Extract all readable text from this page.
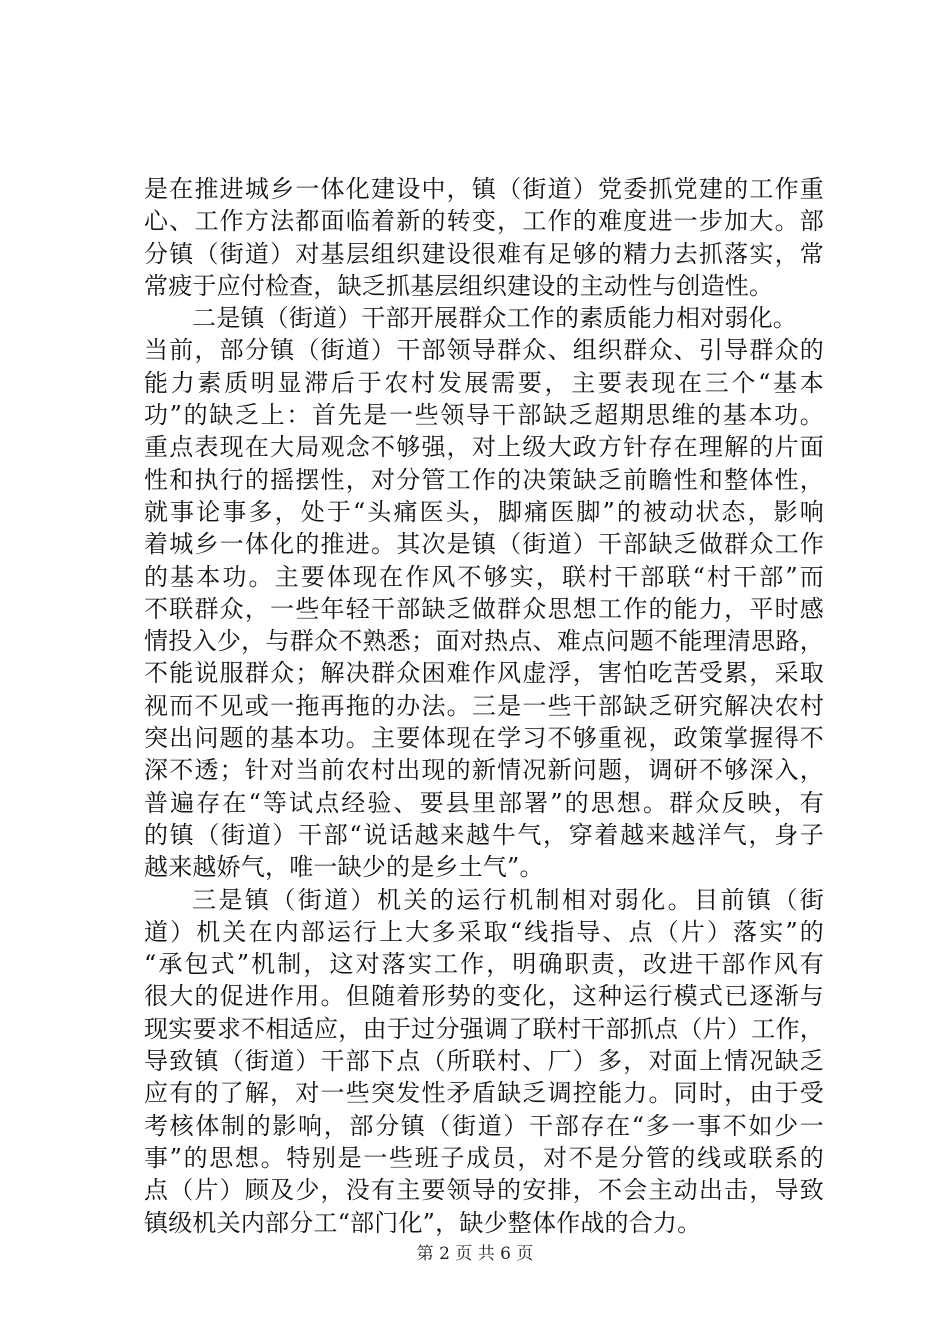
是在推进城乡一体化建设中，镇（街道）党委抓党建的工作重
心、工作方法都面临着新的转变，工作的难度进一步加大。部
分镇（街道）对基层组织建设很难有足够的精力去抓落实，常
常疲于应付检查，缺乏抓基层组织建设的主动性与创造性。
二是镇（街道）干部开展群众工作的素质能力相对弱化。
当前，部分镇（街道）干部领导群众、组织群众、引导群众的
能力素质明显滞后于农村发展需要，主要表现在三个“基本
功”的缺乏上：首先是一些领导干部缺乏超期思维的基本功。
重点表现在大局观念不够强，对上级大政方针存在理解的片面
性和执行的摇摆性，对分管工作的决策缺乏前瞻性和整体性，
就事论事多，处于“头痛医头，脚痛医脚”的被动状态，影响
着城乡一体化的推进。其次是镇（街道）干部缺乏做群众工作
的基本功。主要体现在作风不够实，联村干部联“村干部”而
不联群众，一些年轻干部缺乏做群众思想工作的能力，平时感
情投入少，与群众不熟悉；面对热点、难点问题不能理清思路，
不能说服群众；解决群众困难作风虚浮，害怕吃苦受累，采取
视而不见或一拖再拖的办法。三是一些干部缺乏研究解决农村
突出问题的基本功。主要体现在学习不够重视，政策掌握得不
深不透；针对当前农村出现的新情况新问题，调研不够深入，
普遍存在“等试点经验、要县里部署”的思想。群众反映，有
的镇（街道）干部“说话越来越牛气，穿着越来越洋气，身子
越来越娇气，唯一缺少的是乡土气”。
三是镇（街道）机关的运行机制相对弱化。目前镇（街
道）机关在内部运行上大多采取“线指导、点（片）落实”的
“承包式”机制，这对落实工作，明确职责，改进干部作风有
很大的促进作用。但随着形势的变化，这种运行模式已逐渐与
现实要求不相适应，由于过分强调了联村干部抓点（片）工作，
导致镇（街道）干部下点（所联村、厂）多，对面上情况缺乏
应有的了解，对一些突发性矛盾缺乏调控能力。同时，由于受
考核体制的影响，部分镇（街道）干部存在“多一事不如少一
事”的思想。特别是一些班子成员，对不是分管的线或联系的
点（片）顾及少，没有主要领导的安排，不会主动出击，导致
镇级机关内部分工“部门化”，缺少整体作战的合力。
第 2 页 共 6 页
